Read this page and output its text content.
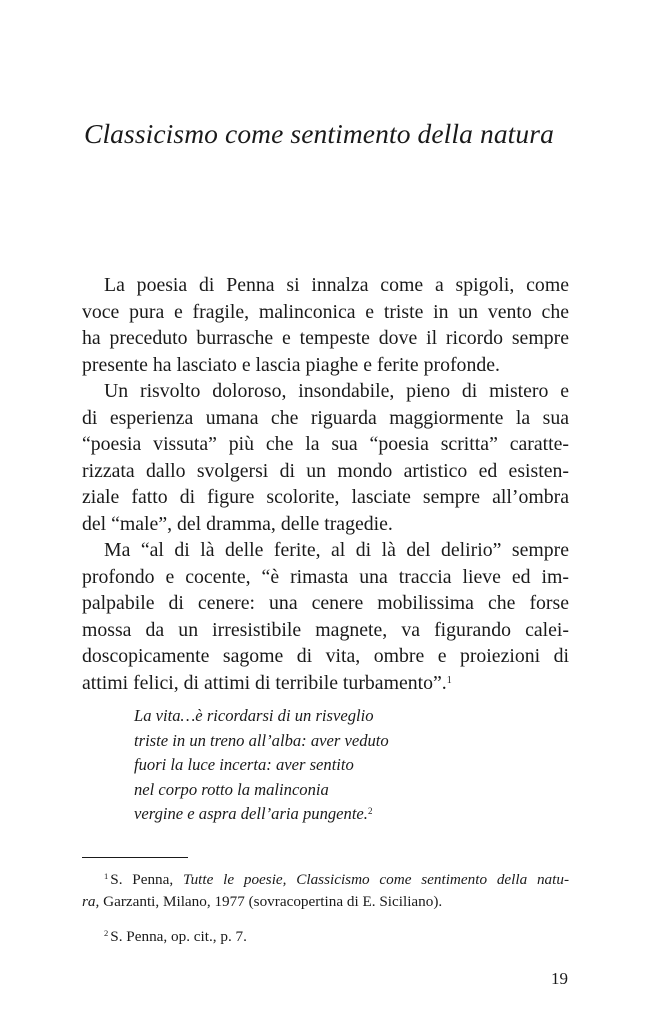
Classicismo come sentimento della natura
La poesia di Penna si innalza come a spigoli, come
voce pura e fragile, malinconica e triste in un vento che
ha preceduto burrasche e tempeste dove il ricordo sempre
presente ha lasciato e lascia piaghe e ferite profonde.
Un risvolto doloroso, insondabile, pieno di mistero e
di esperienza umana che riguarda maggiormente la sua
“poesia vissuta” più che la sua “poesia scritta” caratte-
rizzata dallo svolgersi di un mondo artistico ed esisten-
ziale fatto di figure scolorite, lasciate sempre all’ombra
del “male”, del dramma, delle tragedie.
Ma “al di là delle ferite, al di là del delirio” sempre
profondo e cocente, “è rimasta una traccia lieve ed im-
palpabile di cenere: una cenere mobilissima che forse
mossa da un irresistibile magnete, va figurando calei-
doscopicamente sagome di vita, ombre e proiezioni di
attimi felici, di attimi di terribile turbamento”.$^1$
La vita…è ricordarsi di un risveglio
triste in un treno all’alba: aver veduto
fuori la luce incerta: aver sentito
nel corpo rotto la malinconia
vergine e aspra dell’aria pungente.$^2$
$^1$ S. Penna, Tutte le poesie, Classicismo come sentimento della natu-
ra, Garzanti, Milano, 1977 (sovracopertina di E. Siciliano).
$^2$ S. Penna, op. cit., p. 7.
19
